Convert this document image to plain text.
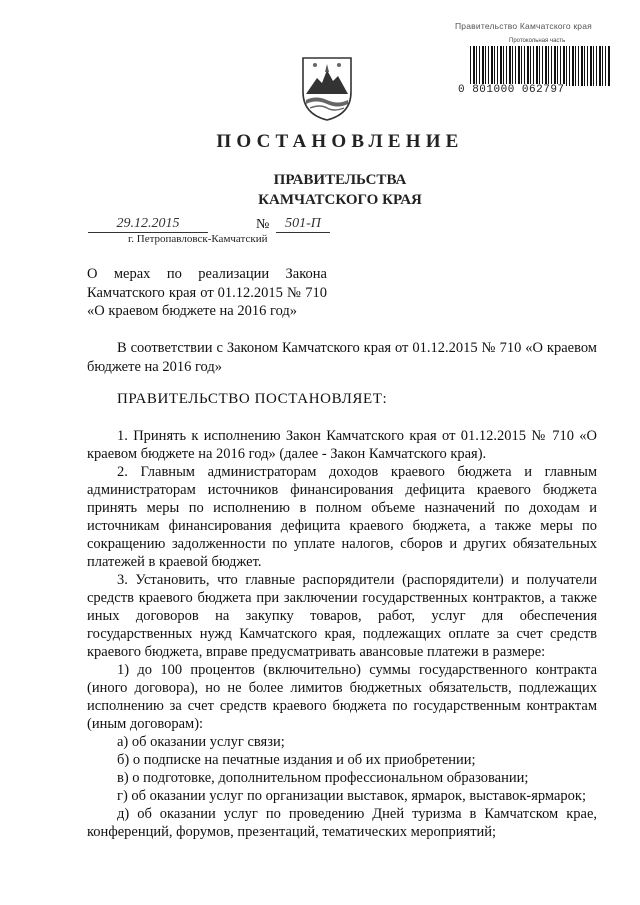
Правительство Камчатского края
Протокольная часть
0 801000 062797
ПОСТАНОВЛЕНИЕ
ПРАВИТЕЛЬСТВА
КАМЧАТСКОГО КРАЯ
29.12.2015	№	501-П
г. Петропавловск-Камчатский
О мерах по реализации Закона Камчатского края от 01.12.2015 № 710 «О краевом бюджете на 2016 год»
В соответствии с Законом Камчатского края от 01.12.2015 № 710 «О краевом бюджете на 2016 год»
ПРАВИТЕЛЬСТВО ПОСТАНОВЛЯЕТ:

1. Принять к исполнению Закон Камчатского края от 01.12.2015 № 710 «О краевом бюджете на 2016 год» (далее - Закон Камчатского края).

2. Главным администраторам доходов краевого бюджета и главным администраторам источников финансирования дефицита краевого бюджета принять меры по исполнению в полном объеме назначений по доходам и источникам финансирования дефицита краевого бюджета, а также меры по сокращению задолженности по уплате налогов, сборов и других обязательных платежей в краевой бюджет.

3. Установить, что главные распорядители (распорядители) и получатели средств краевого бюджета при заключении государственных контрактов, а также иных договоров на закупку товаров, работ, услуг для обеспечения государственных нужд Камчатского края, подлежащих оплате за счет средств краевого бюджета, вправе предусматривать авансовые платежи в размере:

1) до 100 процентов (включительно) суммы государственного контракта (иного договора), но не более лимитов бюджетных обязательств, подлежащих исполнению за счет средств краевого бюджета по государственным контрактам (иным договорам):

а) об оказании услуг связи;

б) о подписке на печатные издания и об их приобретении;

в) о подготовке, дополнительном профессиональном образовании;

г) об оказании услуг по организации выставок, ярмарок, выставок-ярмарок;

д) об оказании услуг по проведению Дней туризма в Камчатском крае, конференций, форумов, презентаций, тематических мероприятий;
